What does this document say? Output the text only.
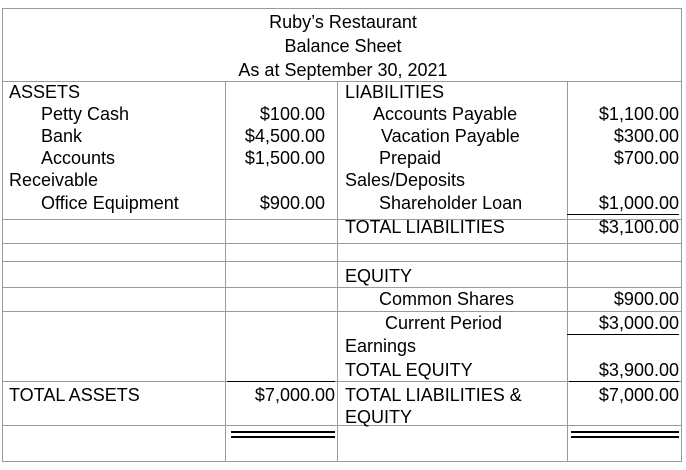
Ruby’s Restaurant
Balance Sheet
As at September 30, 2021
ASSETS
Petty Cash
Bank
Accounts
Receivable
Office Equipment
TOTAL ASSETS
$100.00
$4,500.00
$1,500.00
$900.00
$7,000.00
LIABILITIES
Accounts Payable
Vacation Payable
Prepaid
Sales/Deposits
Shareholder Loan
TOTAL LIABILITIES
$1,100.00
$300.00
$700.00
$1,000.00
$3,100.00
EQUITY
Common Shares
Current Period
Earnings
TOTAL EQUITY
TOTAL LIABILITIES &
EQUITY
$900.00
$3,000.00
$3,900.00
$7,000.00
